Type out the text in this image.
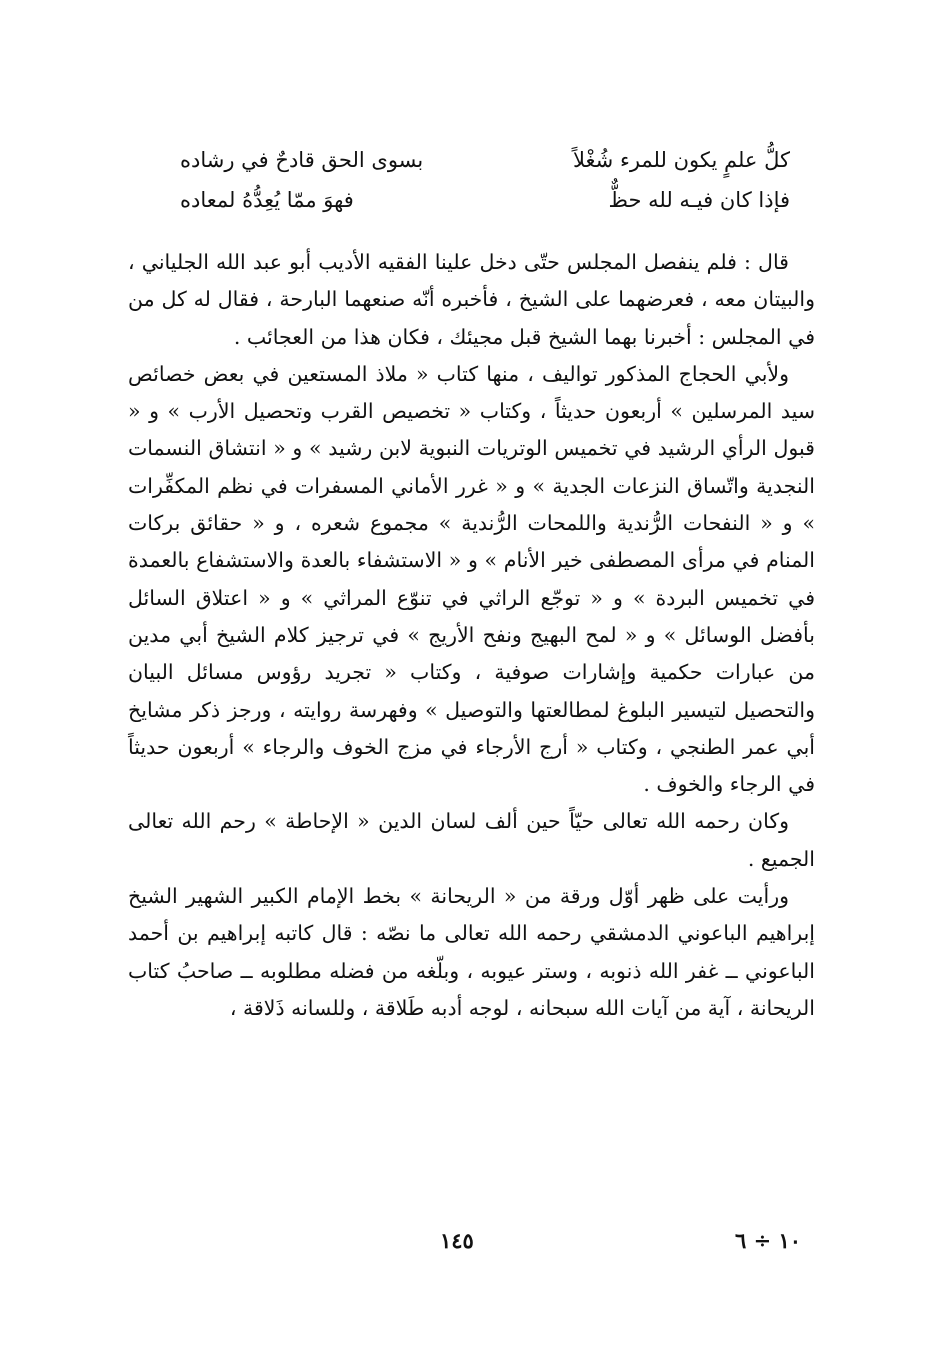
كلُّ علمٍ يكون للمرء شُغْلاً
بسوى الحق قادحٌ في رشاده
فإذا كان فيـه لله حظٌّ
فهوَ ممّا يُعِدُّهُ لمعاده

قال : فلم ينفصل المجلس حتّى دخل علينا الفقيه الأديب أبو عبد الله الجلياني ، والبيتان معه ، فعرضهما على الشيخ ، فأخبره أنّه صنعهما البارحة ، فقال له كل من في المجلس : أخبرنا بهما الشيخ قبل مجيئك ، فكان هذا من العجائب .

ولأبي الحجاج المذكور تواليف ، منها كتاب « ملاذ المستعين في بعض خصائص سيد المرسلين » أربعون حديثاً ، وكتاب « تخصيص القرب وتحصيل الأرب » و « قبول الرأي الرشيد في تخميس الوتريات النبوية لابن رشيد » و « انتشاق النسمات النجدية واتّساق النزعات الجدية » و « غرر الأماني المسفرات في نظم المكفِّرات » و « النفحات الرُّندية واللمحات الرُّندية » مجموع شعره ، و « حقائق بركات المنام في مرأى المصطفى خير الأنام » و « الاستشفاء بالعدة والاستشفاع بالعمدة في تخميس البردة » و « توجّع الراثي في تنوّع المراثي » و « اعتلاق السائل بأفضل الوسائل » و « لمح البهيج ونفح الأريج » في ترجيز كلام الشيخ أبي مدين من عبارات حكمية وإشارات صوفية ، وكتاب « تجريد رؤوس مسائل البيان والتحصيل لتيسير البلوغ لمطالعتها والتوصيل » وفهرسة روايته ، ورجز ذكر مشايخ أبي عمر الطنجي ، وكتاب « أرج الأرجاء في مزج الخوف والرجاء » أربعون حديثاً في الرجاء والخوف .

وكان رحمه الله تعالى حيّاً حين ألف لسان الدين « الإحاطة » رحم الله تعالى الجميع .

ورأيت على ظهر أوّل ورقة من « الريحانة » بخط الإمام الكبير الشهير الشيخ إبراهيم الباعوني الدمشقي رحمه الله تعالى ما نصّه : قال كاتبه إبراهيم بن أحمد الباعوني ــ غفر الله ذنوبه ، وستر عيوبه ، وبلّغه من فضله مطلوبه ــ صاحبُ كتاب الريحانة ، آية من آيات الله سبحانه ، لوجه أدبه طَلاقة ، وللسانه ذَلاقة ،

١٤٥	١٠ ÷ ٦
